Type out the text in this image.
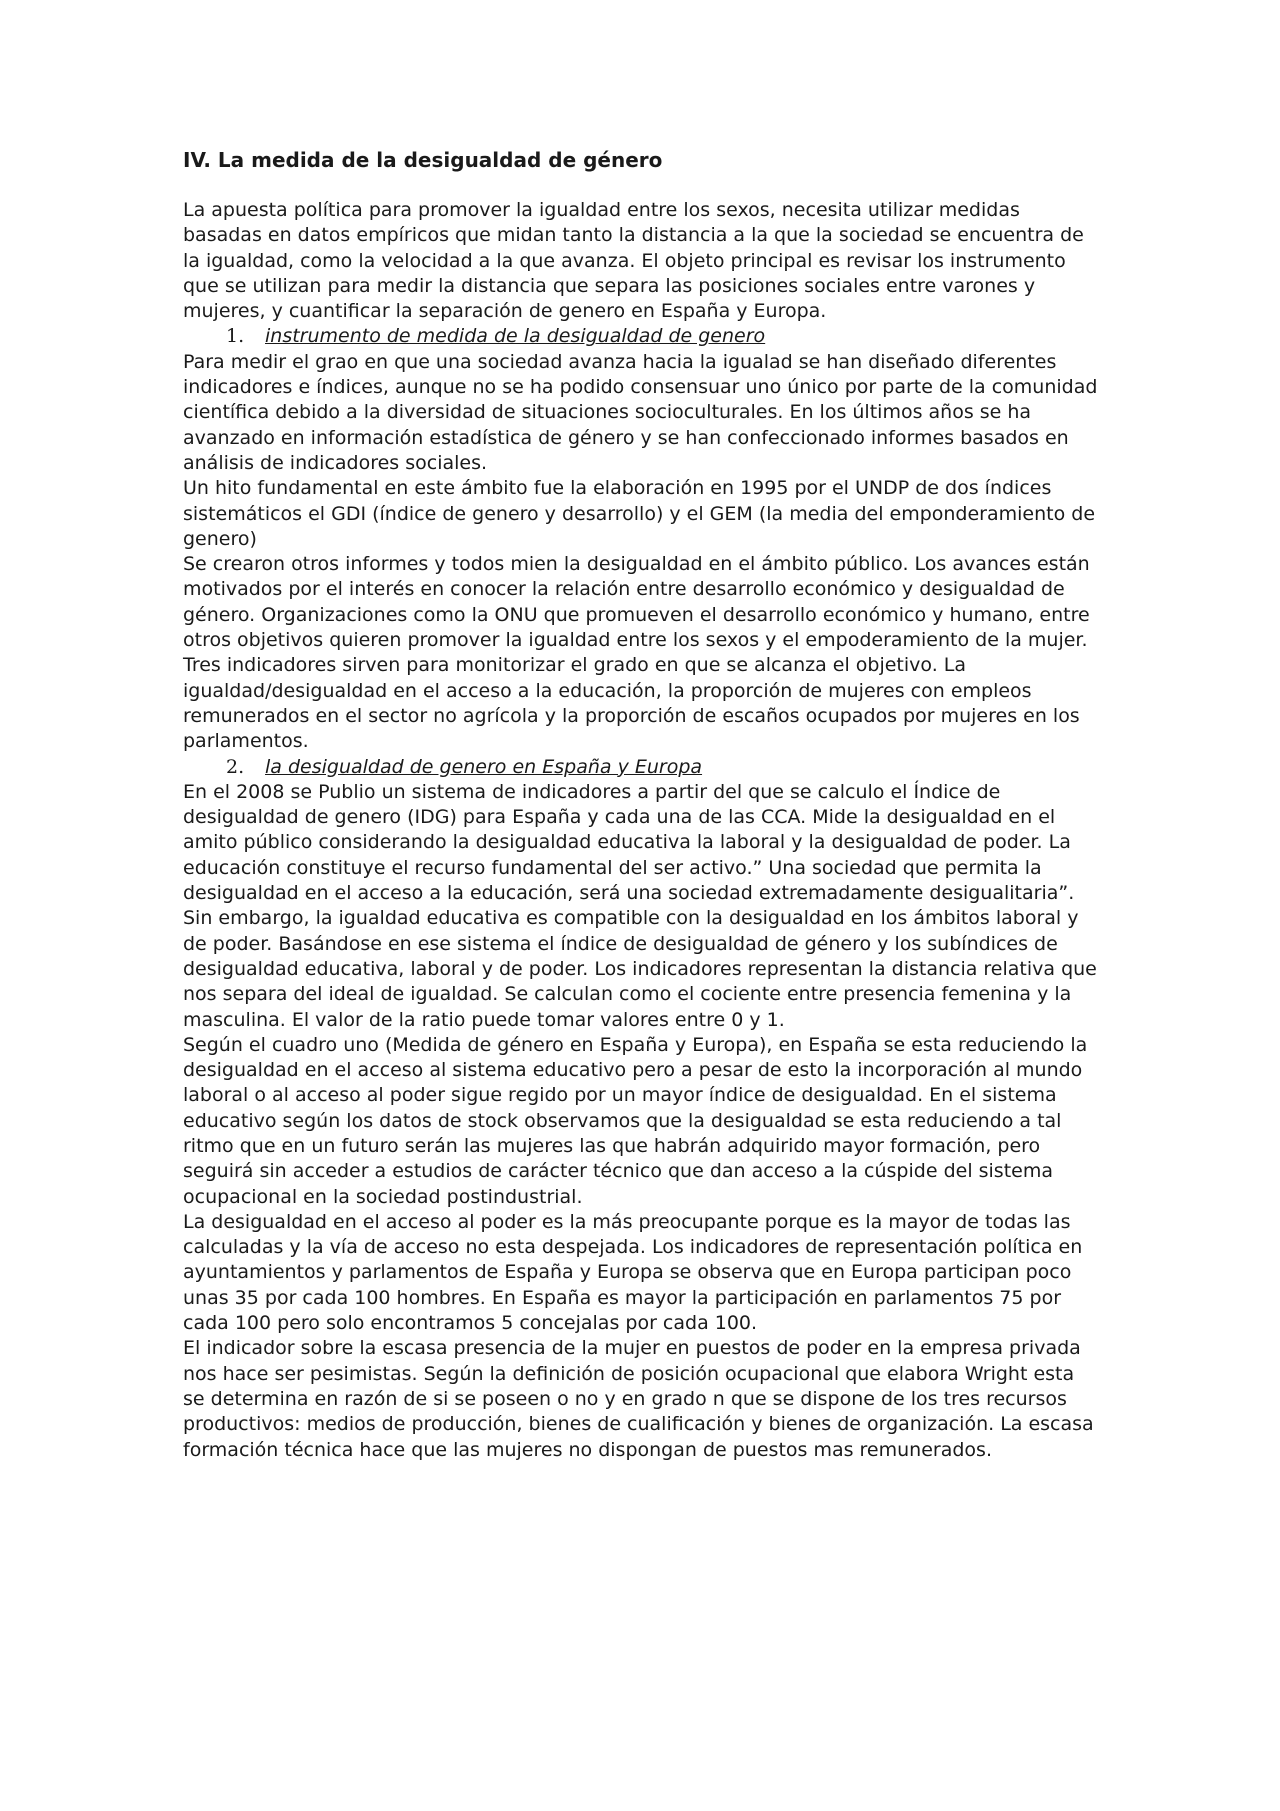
IV. La medida de la desigualdad de género

La apuesta política para promover la igualdad entre los sexos, necesita utilizar medidas basadas en datos empíricos que midan tanto la distancia a la que la sociedad se encuentra de la igualdad, como la velocidad a la que avanza. El objeto principal es revisar los instrumento que se utilizan para medir la distancia que separa las posiciones sociales entre varones y mujeres, y cuantificar la separación de genero en España y Europa.

1.	instrumento de medida de la desigualdad de genero

Para medir el grao en que una sociedad avanza hacia la igualad se han diseñado diferentes indicadores e índices, aunque no se ha podido consensuar uno único por parte de la comunidad científica debido a la diversidad de situaciones socioculturales. En los últimos años se ha avanzado en información estadística de género y se han confeccionado informes basados en análisis de indicadores sociales.

Un hito fundamental en este ámbito fue la elaboración en 1995 por el UNDP de dos índices sistemáticos el GDI (índice de genero y desarrollo) y el GEM (la media del emponderamiento de genero)

Se crearon otros informes y todos mien la desigualdad en el ámbito público. Los avances están motivados por el interés en conocer la relación entre desarrollo económico y desigualdad de género. Organizaciones como la ONU que promueven el desarrollo económico y humano, entre otros objetivos quieren promover la igualdad entre los sexos y el empoderamiento de la mujer. Tres indicadores sirven para monitorizar el grado en que se alcanza el objetivo. La igualdad/desigualdad en el acceso a la educación, la proporción de mujeres con empleos remunerados en el sector no agrícola y la proporción de escaños ocupados por mujeres en los parlamentos.

2.	la desigualdad de genero en España y Europa

En el 2008 se Publio un sistema de indicadores a partir del que se calculo el Índice de desigualdad de genero (IDG) para España y cada una de las CCA. Mide la desigualdad en el amito público considerando la desigualdad educativa la laboral y la desigualdad de poder. La educación constituye el recurso fundamental del ser activo.” Una sociedad que permita la desigualdad en el acceso a la educación, será una sociedad extremadamente desigualitaria”. Sin embargo, la igualdad educativa es compatible con la desigualdad en los ámbitos laboral y de poder. Basándose en ese sistema el índice de desigualdad de género y los subíndices de desigualdad educativa, laboral y de poder. Los indicadores representan la distancia relativa que nos separa del ideal de igualdad. Se calculan como el cociente entre presencia femenina y la masculina. El valor de la ratio puede tomar valores entre 0 y 1.

Según el cuadro uno (Medida de género en España y Europa), en España se esta reduciendo la desigualdad en el acceso al sistema educativo pero a pesar de esto la incorporación al mundo laboral o al acceso al poder sigue regido por un mayor índice de desigualdad. En el sistema educativo según los datos de stock observamos que la desigualdad se esta reduciendo a tal ritmo que en un futuro serán las mujeres las que habrán adquirido mayor formación, pero seguirá sin acceder a estudios de carácter técnico que dan acceso a la cúspide del sistema ocupacional en la sociedad postindustrial.

La desigualdad en el acceso al poder es la más preocupante porque es la mayor de todas las calculadas y la vía de acceso no esta despejada. Los indicadores de representación política en ayuntamientos y parlamentos de España y Europa se observa que en Europa participan poco unas 35 por cada 100 hombres. En España es mayor la participación en parlamentos 75 por cada 100 pero solo encontramos 5 concejalas por cada 100.

El indicador sobre la escasa presencia de la mujer en puestos de poder en la empresa privada nos hace ser pesimistas. Según la definición de posición ocupacional que elabora Wright esta se determina en razón de si se poseen o no y en grado n que se dispone de los tres recursos productivos: medios de producción, bienes de cualificación y bienes de organización. La escasa formación técnica hace que las mujeres no dispongan de puestos mas remunerados.
